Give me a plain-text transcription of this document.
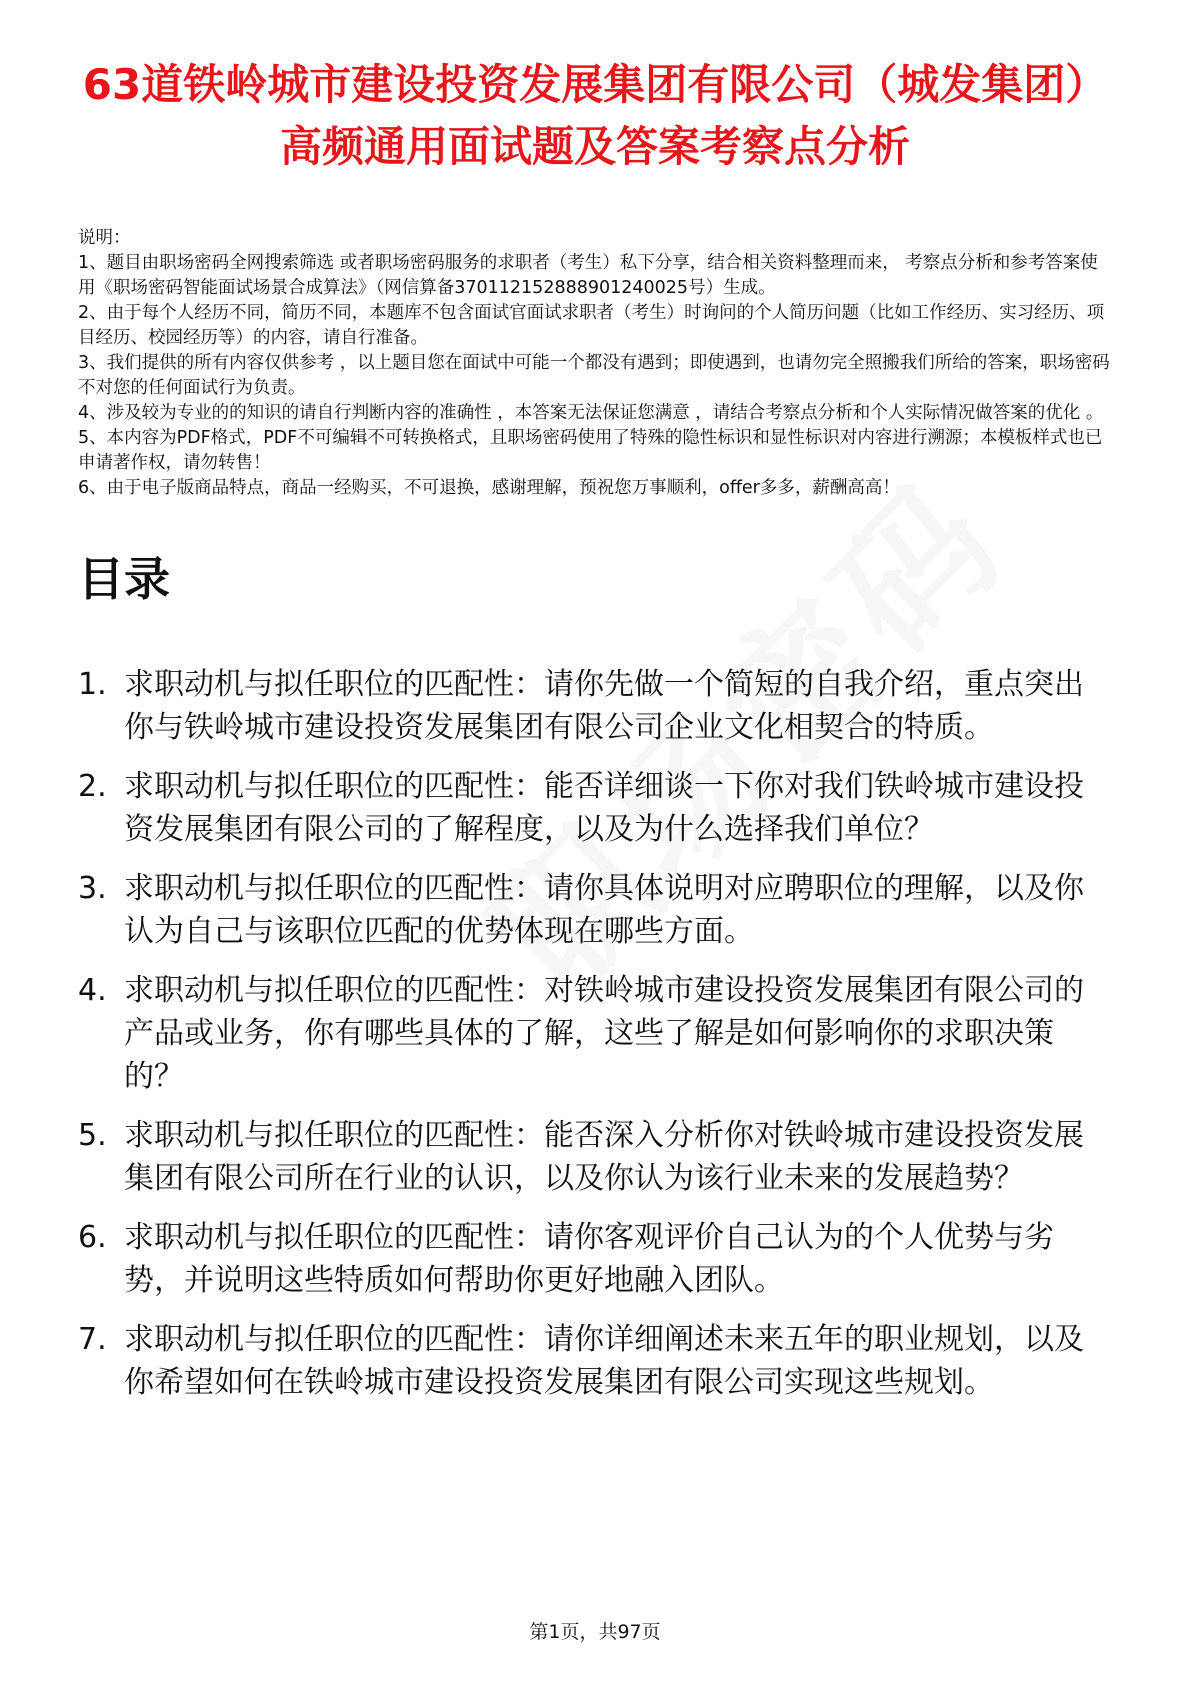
63道铁岭城市建设投资发展集团有限公司（城发集团）高频通用面试题及答案考察点分析

说明：

1、题目由职场密码全网搜索筛选 或者职场密码服务的求职者（考生）私下分享，结合相关资料整理而来， 考察点分析和参考答案使用《职场密码智能面试场景合成算法》（网信算备370112152888901240025号）生成。

2、由于每个人经历不同，简历不同，本题库不包含面试官面试求职者（考生）时询问的个人简历问题（比如工作经历、实习经历、项目经历、校园经历等）的内容，请自行准备。

3、我们提供的所有内容仅供参考 ，以上题目您在面试中可能一个都没有遇到；即使遇到，也请勿完全照搬我们所给的答案，职场密码不对您的任何面试行为负责。

4、涉及较为专业的的知识的请自行判断内容的准确性 ，本答案无法保证您满意 ，请结合考察点分析和个人实际情况做答案的优化 。

5、本内容为PDF格式，PDF不可编辑不可转换格式，且职场密码使用了特殊的隐性标识和显性标识对内容进行溯源；本模板样式也已申请著作权，请勿转售！

6、由于电子版商品特点，商品一经购买，不可退换，感谢理解，预祝您万事顺利，offer多多，薪酬高高！

目录
1. 求职动机与拟任职位的匹配性：请你先做一个简短的自我介绍，重点突出你与铁岭城市建设投资发展集团有限公司企业文化相契合的特质。
2. 求职动机与拟任职位的匹配性：能否详细谈一下你对我们铁岭城市建设投资发展集团有限公司的了解程度，以及为什么选择我们单位？
3. 求职动机与拟任职位的匹配性：请你具体说明对应聘职位的理解，以及你认为自己与该职位匹配的优势体现在哪些方面。
4. 求职动机与拟任职位的匹配性：对铁岭城市建设投资发展集团有限公司的产品或业务，你有哪些具体的了解，这些了解是如何影响你的求职决策的？
5. 求职动机与拟任职位的匹配性：能否深入分析你对铁岭城市建设投资发展集团有限公司所在行业的认识，以及你认为该行业未来的发展趋势？
6. 求职动机与拟任职位的匹配性：请你客观评价自己认为的个人优势与劣势，并说明这些特质如何帮助你更好地融入团队。
7. 求职动机与拟任职位的匹配性：请你详细阐述未来五年的职业规划，以及你希望如何在铁岭城市建设投资发展集团有限公司实现这些规划。
第1页，共97页
